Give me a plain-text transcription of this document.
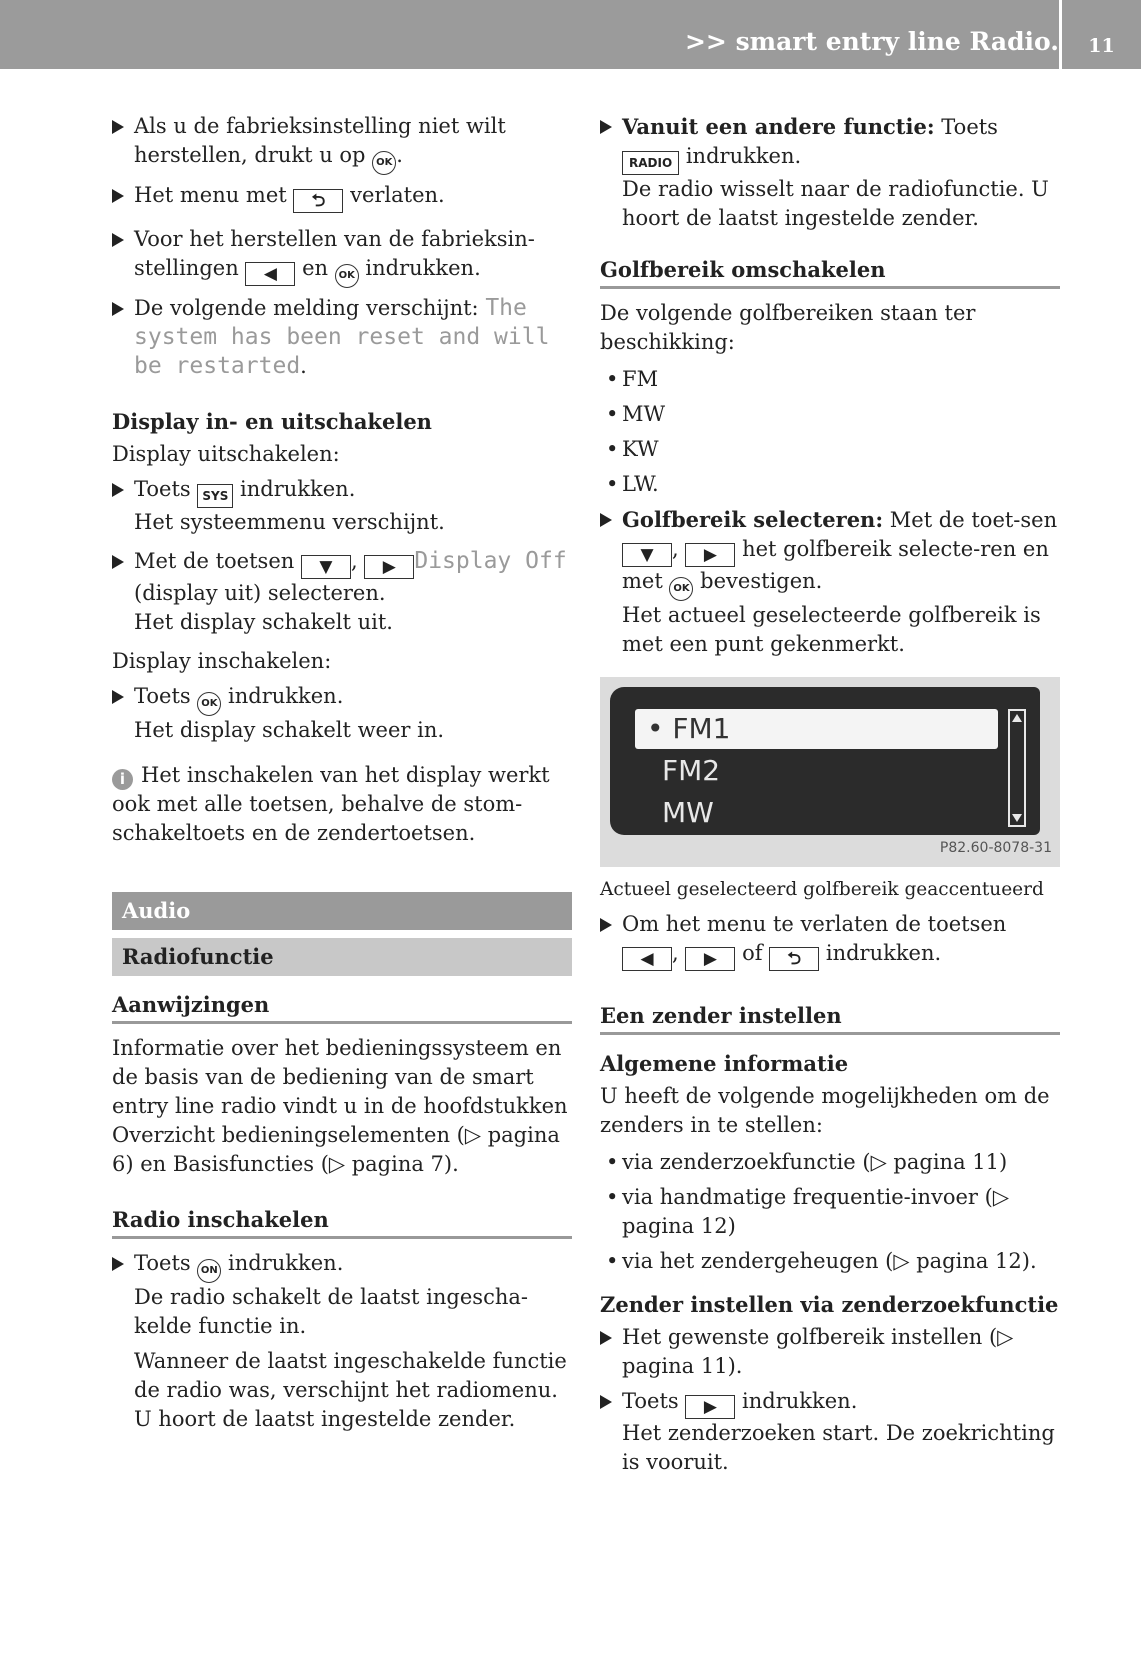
>> smart entry line Radio.	11

Als u de fabrieksinstelling niet wilt herstellen, drukt u op OK .

Het menu met ⮌ verlaten.

Voor het herstellen van de fabrieksin-stellingen ◀ en OK indrukken.

De volgende melding verschijnt: The system has been reset and will be restarted.

Display in- en uitschakelen
Display uitschakelen:

Toets SYS indrukken.

Het systeemmenu verschijnt.

Met de toetsen ▼ , ▶ Display Off

(display uit) selecteren.

Het display schakelt uit.

Display inschakelen:

Toets OK indrukken.

Het display schakelt weer in.

i Het inschakelen van het display werkt ook met alle toetsen, behalve de stom-schakeltoets en de zendertoetsen.
Audio
Radiofunctie
Aanwijzingen
Informatie over het bedieningssysteem en de basis van de bediening van de smart entry line radio vindt u in de hoofdstukken Overzicht bedieningselementen (▷ pagina 6) en Basisfuncties (▷ pagina 7).
Radio inschakelen

Toets ON indrukken.

De radio schakelt de laatst ingescha-kelde functie in.

Wanneer de laatst ingeschakelde functie de radio was, verschijnt het radiomenu. U hoort de laatst ingestelde zender.

Vanuit een andere functie: Toets RADIO indrukken.

De radio wisselt naar de radiofunctie. U hoort de laatst ingestelde zender.

Golfbereik omschakelen
De volgende golfbereiken staan ter beschikking:
• FM
• MW
• KW
• LW.

Golfbereik selecteren: Met de toet-sen ▼ , ▶ het golfbereik selecte-ren en met OK bevestigen.

Het actueel geselecteerde golfbereik is met een punt gekenmerkt.

• FM1
FM2
MW
P82.60-8078-31
Actueel geselecteerd golfbereik geaccentueerd

Om het menu te verlaten de toetsen

◀ , ▶ of ⮌ indrukken.

Een zender instellen
Algemene informatie
U heeft de volgende mogelijkheden om de zenders in te stellen:
• via zenderzoekfunctie (▷ pagina 11)
• via handmatige frequentie-invoer (▷ pagina 12)
• via het zendergeheugen (▷ pagina 12).
Zender instellen via zenderzoekfunctie

Het gewenste golfbereik instellen (▷ pagina 11).

Toets ▶ indrukken.

Het zenderzoeken start. De zoekrichting is vooruit.
